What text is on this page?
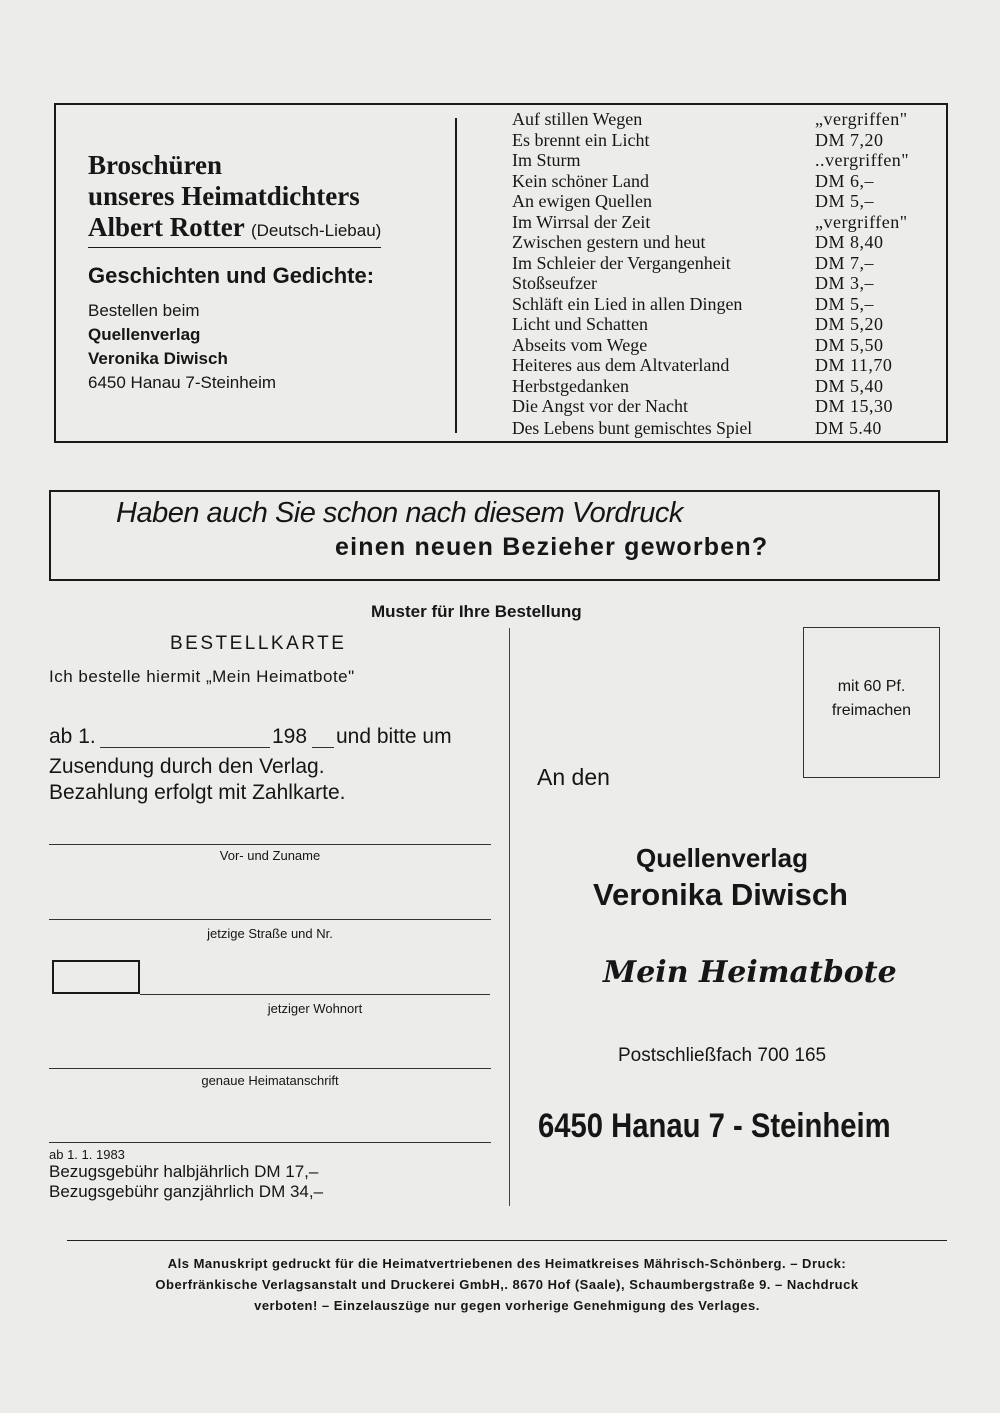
Broschüren
unseres Heimatdichters
Albert Rotter (Deutsch-Liebau)
Geschichten und Gedichte:
Bestellen beim
Quellenverlag
Veronika Diwisch
6450 Hanau 7-Steinheim
Auf stillen Wegen	„vergriffen"
Es brennt ein Licht	DM 7,20
Im Sturm	..vergriffen"
Kein schöner Land	DM 6,–
An ewigen Quellen	DM 5,–
Im Wirrsal der Zeit	„vergriffen"
Zwischen gestern und heut	DM 8,40
Im Schleier der Vergangenheit	DM 7,–
Stoßseufzer	DM 3,–
Schläft ein Lied in allen Dingen	DM 5,–
Licht und Schatten	DM 5,20
Abseits vom Wege	DM 5,50
Heiteres aus dem Altvaterland	DM 11,70
Herbstgedanken	DM 5,40
Die Angst vor der Nacht	DM 15,30
Des Lebens bunt gemischtes Spiel	DM 5.40
Haben auch Sie schon nach diesem Vordruck
einen neuen Bezieher geworben?
Muster für Ihre Bestellung
BESTELLKARTE
Ich bestelle hiermit „Mein Heimatbote"
ab 1.	198 und bitte um
Zusendung durch den Verlag.
Bezahlung erfolgt mit Zahlkarte.
Vor- und Zuname
jetzige Straße und Nr.
jetziger Wohnort
genaue Heimatanschrift
ab 1. 1. 1983
Bezugsgebühr halbjährlich DM 17,–
Bezugsgebühr ganzjährlich DM 34,–
mit 60 Pf.
freimachen
An den
Quellenverlag
Veronika Diwisch
Mein Heimatbote
Postschließfach 700 165
6450 Hanau 7 - Steinheim
Als Manuskript gedruckt für die Heimatvertriebenen des Heimatkreises Mährisch-Schönberg. – Druck:
Oberfränkische Verlagsanstalt und Druckerei GmbH,. 8670 Hof (Saale), Schaumbergstraße 9. – Nachdruck
verboten! – Einzelauszüge nur gegen vorherige Genehmigung des Verlages.
